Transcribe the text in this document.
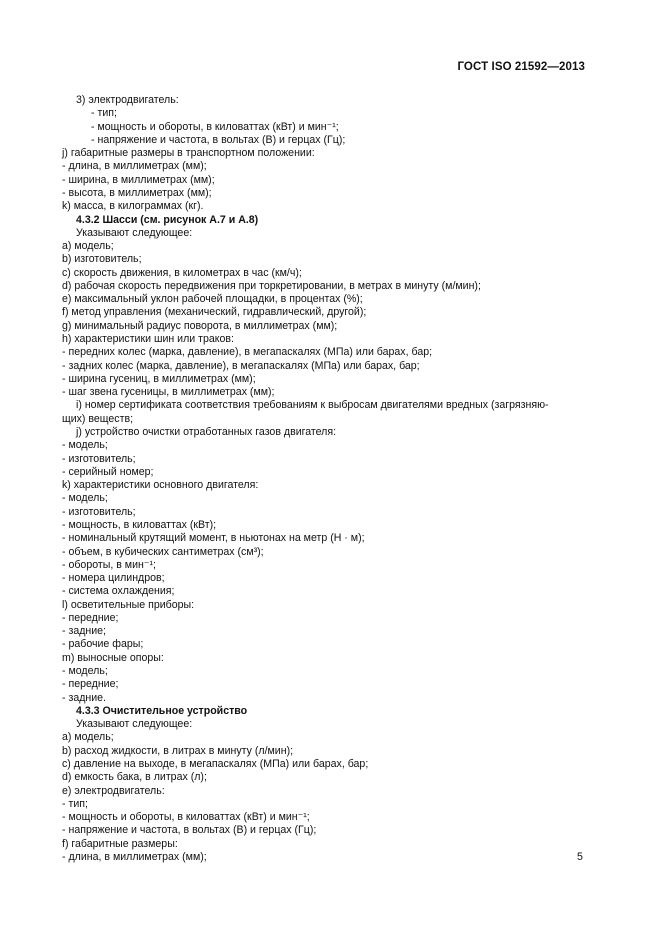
ГОСТ ISO 21592—2013
3) электродвигатель:
- тип;
- мощность и обороты, в киловаттах (кВт) и мин⁻¹;
- напряжение и частота, в вольтах (В) и герцах (Гц);
j) габаритные размеры в транспортном положении:
- длина, в миллиметрах (мм);
- ширина, в миллиметрах (мм);
- высота, в миллиметрах (мм);
k) масса, в килограммах (кг).
4.3.2 Шасси (см. рисунок А.7 и А.8)
Указывают следующее:
а) модель;
b) изготовитель;
с) скорость движения, в километрах в час (км/ч);
d) рабочая скорость передвижения при торкретировании, в метрах в минуту (м/мин);
е) максимальный уклон рабочей площадки, в процентах (%);
f) метод управления (механический, гидравлический, другой);
g) минимальный радиус поворота, в миллиметрах (мм);
h) характеристики шин или траков:
- передних колес (марка, давление), в мегапаскалях (МПа) или барах, бар;
- задних колес (марка, давление), в мегапаскалях (МПа) или барах, бар;
- ширина гусениц, в миллиметрах (мм);
- шаг звена гусеницы, в миллиметрах (мм);
i) номер сертификата соответствия требованиям к выбросам двигателями вредных (загрязняю-
щих) веществ;
j) устройство очистки отработанных газов двигателя:
- модель;
- изготовитель;
- серийный номер;
k) характеристики основного двигателя:
- модель;
- изготовитель;
- мощность, в киловаттах (кВт);
- номинальный крутящий момент, в ньютонах на метр (Н · м);
- объем, в кубических сантиметрах (см³);
- обороты, в мин⁻¹;
- номера цилиндров;
- система охлаждения;
l) осветительные приборы:
- передние;
- задние;
- рабочие фары;
m) выносные опоры:
- модель;
- передние;
- задние.
4.3.3 Очистительное устройство
Указывают следующее:
а) модель;
b) расход жидкости, в литрах в минуту (л/мин);
с) давление на выходе, в мегапаскалях (МПа) или барах, бар;
d) емкость бака, в литрах (л);
е) электродвигатель:
- тип;
- мощность и обороты, в киловаттах (кВт) и мин⁻¹;
- напряжение и частота, в вольтах (В) и герцах (Гц);
f) габаритные размеры:
- длина, в миллиметрах (мм);	5
